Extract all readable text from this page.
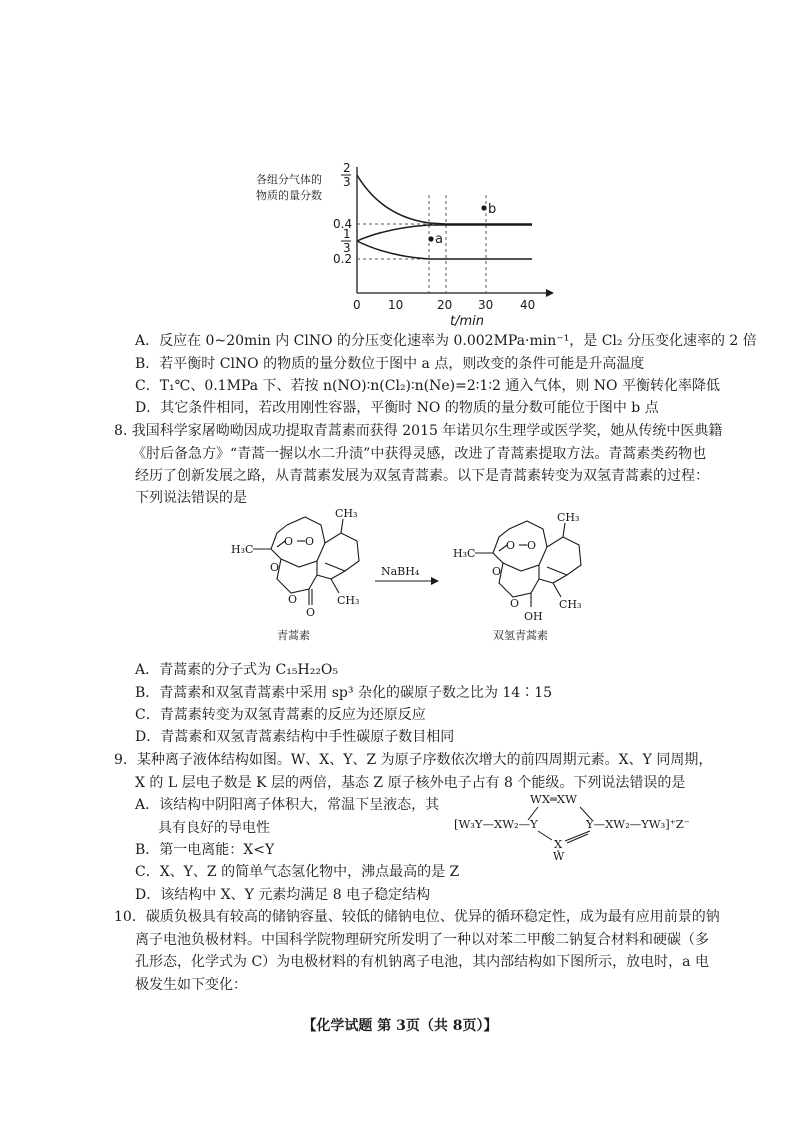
各组分气体的
物质的量分数
2
3
0.4
1
3
0.2
a
b
0 10	20 30 40
t/min
A．反应在 0~20min 内 ClNO 的分压变化速率为 0.002MPa·min⁻¹，是 Cl₂ 分压变化速率的 2 倍
B．若平衡时 ClNO 的物质的量分数位于图中 a 点，则改变的条件可能是升高温度
C．T₁℃、0.1MPa 下、若按 n(NO)∶n(Cl₂)∶n(Ne)=2∶1∶2 通入气体，则 NO 平衡转化率降低
D．其它条件相同，若改用刚性容器，平衡时 NO 的物质的量分数可能位于图中 b 点
8. 我国科学家屠呦呦因成功提取青蒿素而获得 2015 年诺贝尔生理学或医学奖，她从传统中医典籍
《肘后备急方》“青蒿一握以水二升渍”中获得灵感，改进了青蒿素提取方法。青蒿素类药物也
经历了创新发展之路，从青蒿素发展为双氢青蒿素。以下是青蒿素转变为双氢青蒿素的过程：
下列说法错误的是
CH₃
H₃C
O O
O
O
O
CH₃
青蒿素
NaBH₄
CH₃
H₃C
O O
O
O
OH
CH₃
双氢青蒿素
A．青蒿素的分子式为 C₁₅H₂₂O₅
B．青蒿素和双氢青蒿素中采用 sp³ 杂化的碳原子数之比为 14∶15
C．青蒿素转变为双氢青蒿素的反应为还原反应
D．青蒿素和双氢青蒿素结构中手性碳原子数目相同
9．某种离子液体结构如图。W、X、Y、Z 为原子序数依次增大的前四周期元素。X、Y 同周期，
X 的 L 层电子数是 K 层的两倍，基态 Z 原子核外电子占有 8 个能级。下列说法错误的是
A．该结构中阴阳离子体积大，常温下呈液态，其
具有良好的导电性
B．第一电离能：X<Y
C．X、Y、Z 的简单气态氢化物中，沸点最高的是 Z
D．该结构中 X、Y 元素均满足 8 电子稳定结构
WX═XW
[W₃Y—XW₂—Y	Y—XW₂—YW₃]⁺Z⁻
X
W
10．碳质负极具有较高的储钠容量、较低的储钠电位、优异的循环稳定性，成为最有应用前景的钠
离子电池负极材料。中国科学院物理研究所发明了一种以对苯二甲酸二钠复合材料和硬碳（多
孔形态，化学式为 C）为电极材料的有机钠离子电池，其内部结构如下图所示，放电时，a 电
极发生如下变化：
【化学试题 第 3页（共 8页）】
